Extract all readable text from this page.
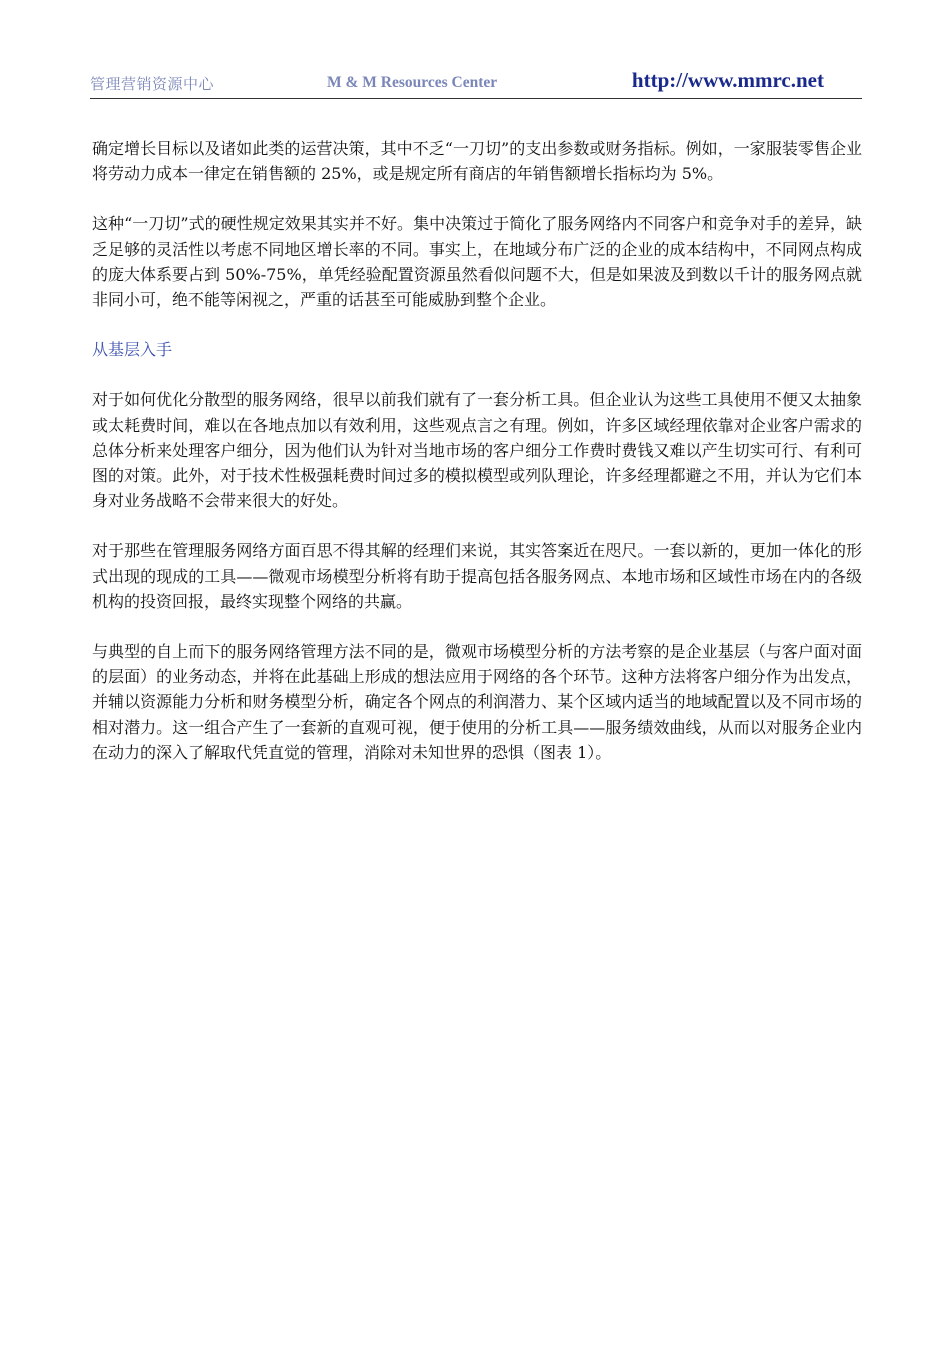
管理营销资源中心	M & M Resources Center	http://www.mmrc.net

确定增长目标以及诸如此类的运营决策，其中不乏“一刀切”的支出参数或财务指标。例如，一家服装零售企业将劳动力成本一律定在销售额的 25%，或是规定所有商店的年销售额增长指标均为 5%。

这种“一刀切”式的硬性规定效果其实并不好。集中决策过于简化了服务网络内不同客户和竞争对手的差异，缺乏足够的灵活性以考虑不同地区增长率的不同。事实上，在地域分布广泛的企业的成本结构中，不同网点构成的庞大体系要占到 50%-75%，单凭经验配置资源虽然看似问题不大，但是如果波及到数以千计的服务网点就非同小可，绝不能等闲视之，严重的话甚至可能威胁到整个企业。

从基层入手

对于如何优化分散型的服务网络，很早以前我们就有了一套分析工具。但企业认为这些工具使用不便又太抽象或太耗费时间，难以在各地点加以有效利用，这些观点言之有理。例如，许多区域经理依靠对企业客户需求的总体分析来处理客户细分，因为他们认为针对当地市场的客户细分工作费时费钱又难以产生切实可行、有利可图的对策。此外，对于技术性极强耗费时间过多的模拟模型或列队理论，许多经理都避之不用，并认为它们本身对业务战略不会带来很大的好处。

对于那些在管理服务网络方面百思不得其解的经理们来说，其实答案近在咫尺。一套以新的，更加一体化的形式出现的现成的工具——微观市场模型分析将有助于提高包括各服务网点、本地市场和区域性市场在内的各级机构的投资回报，最终实现整个网络的共赢。

与典型的自上而下的服务网络管理方法不同的是，微观市场模型分析的方法考察的是企业基层（与客户面对面的层面）的业务动态，并将在此基础上形成的想法应用于网络的各个环节。这种方法将客户细分作为出发点，并辅以资源能力分析和财务模型分析，确定各个网点的利润潜力、某个区域内适当的地域配置以及不同市场的相对潜力。这一组合产生了一套新的直观可视，便于使用的分析工具——服务绩效曲线，从而以对服务企业内在动力的深入了解取代凭直觉的管理，消除对未知世界的恐惧（图表 1）。
